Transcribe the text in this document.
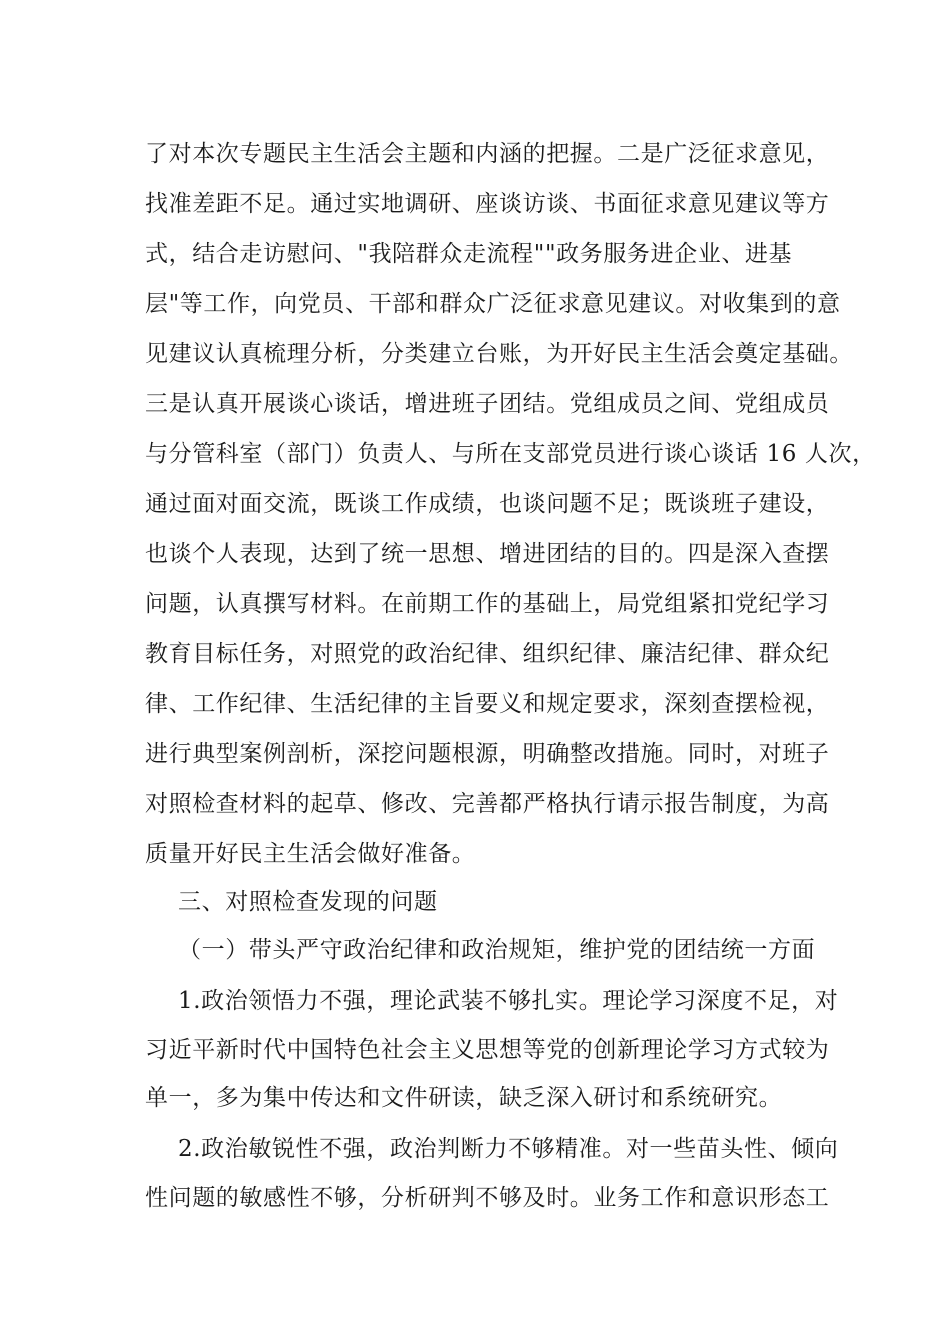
了对本次专题民主生活会主题和内涵的把握。二是广泛征求意见，
找准差距不足。通过实地调研、座谈访谈、书面征求意见建议等方
式，结合走访慰问、"我陪群众走流程""政务服务进企业、进基
层"等工作，向党员、干部和群众广泛征求意见建议。对收集到的意
见建议认真梳理分析，分类建立台账，为开好民主生活会奠定基础。
三是认真开展谈心谈话，增进班子团结。党组成员之间、党组成员
与分管科室（部门）负责人、与所在支部党员进行谈心谈话 16 人次，
通过面对面交流，既谈工作成绩，也谈问题不足；既谈班子建设，
也谈个人表现，达到了统一思想、增进团结的目的。四是深入查摆
问题，认真撰写材料。在前期工作的基础上，局党组紧扣党纪学习
教育目标任务，对照党的政治纪律、组织纪律、廉洁纪律、群众纪
律、工作纪律、生活纪律的主旨要义和规定要求，深刻查摆检视，
进行典型案例剖析，深挖问题根源，明确整改措施。同时，对班子
对照检查材料的起草、修改、完善都严格执行请示报告制度，为高
质量开好民主生活会做好准备。
三、对照检查发现的问题
（一）带头严守政治纪律和政治规矩，维护党的团结统一方面
1.政治领悟力不强，理论武装不够扎实。理论学习深度不足，对
习近平新时代中国特色社会主义思想等党的创新理论学习方式较为
单一，多为集中传达和文件研读，缺乏深入研讨和系统研究。
2.政治敏锐性不强，政治判断力不够精准。对一些苗头性、倾向
性问题的敏感性不够，分析研判不够及时。业务工作和意识形态工
